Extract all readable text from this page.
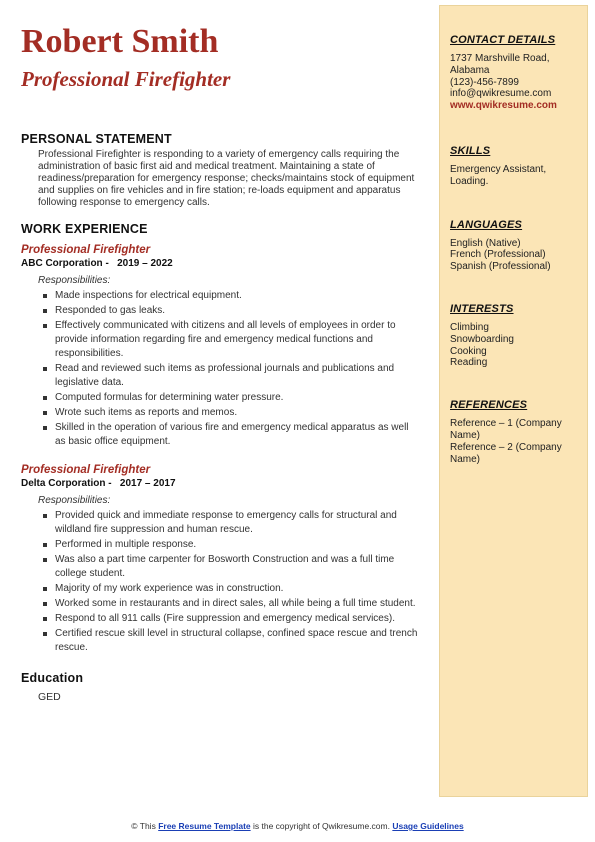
Robert Smith
Professional Firefighter
PERSONAL STATEMENT
Professional Firefighter is responding to a variety of emergency calls requiring the administration of basic first aid and medical treatment. Maintaining a state of readiness/preparation for emergency response; checks/maintains stock of equipment and supplies on fire vehicles and in fire station; re-loads equipment and apparatus following response to emergency calls.
WORK EXPERIENCE
Professional Firefighter
ABC Corporation - 2019 – 2022
Responsibilities:
Made inspections for electrical equipment.
Responded to gas leaks.
Effectively communicated with citizens and all levels of employees in order to provide information regarding fire and emergency medical functions and responsibilities.
Read and reviewed such items as professional journals and publications and legislative data.
Computed formulas for determining water pressure.
Wrote such items as reports and memos.
Skilled in the operation of various fire and emergency medical apparatus as well as basic office equipment.
Professional Firefighter
Delta Corporation - 2017 – 2017
Responsibilities:
Provided quick and immediate response to emergency calls for structural and wildland fire suppression and human rescue.
Performed in multiple response.
Was also a part time carpenter for Bosworth Construction and was a full time college student.
Majority of my work experience was in construction.
Worked some in restaurants and in direct sales, all while being a full time student.
Respond to all 911 calls (Fire suppression and emergency medical services).
Certified rescue skill level in structural collapse, confined space rescue and trench rescue.
Education
GED
CONTACT DETAILS
1737 Marshville Road,
Alabama
(123)-456-7899
info@qwikresume.com
www.qwikresume.com
SKILLS
Emergency Assistant,
Loading.
LANGUAGES
English (Native)
French (Professional)
Spanish (Professional)
INTERESTS
Climbing
Snowboarding
Cooking
Reading
REFERENCES
Reference – 1 (Company Name)
Reference – 2 (Company Name)
© This Free Resume Template is the copyright of Qwikresume.com. Usage Guidelines
